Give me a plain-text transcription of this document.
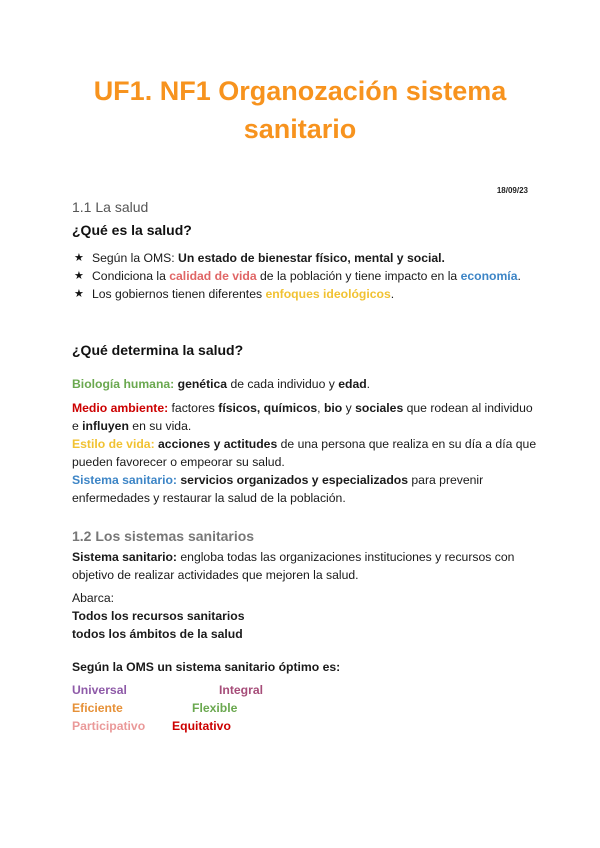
UF1. NF1 Organozación sistema
sanitario
18/09/23
1.1 La salud
¿Qué es la salud?
★ Según la OMS: Un estado de bienestar físico, mental y social.
★ Condiciona la calidad de vida de la población y tiene impacto en la economía.
★ Los gobiernos tienen diferentes enfoques ideológicos.
¿Qué determina la salud?
Biología humana: genética de cada individuo y edad.
Medio ambiente: factores físicos, químicos, bio y sociales que rodean al individuo e influyen en su vida.
Estilo de vida: acciones y actitudes de una persona que realiza en su día a día que pueden favorecer o empeorar su salud.
Sistema sanitario: servicios organizados y especializados para prevenir enfermedades y restaurar la salud de la población.
1.2 Los sistemas sanitarios
Sistema sanitario: engloba todas las organizaciones instituciones y recursos con objetivo de realizar actividades que mejoren la salud.
Abarca:
Todos los recursos sanitarios
todos los ámbitos de la salud
Según la OMS un sistema sanitario óptimo es:
Universal	Integral
Eficiente	Flexible
Participativo Equitativo
